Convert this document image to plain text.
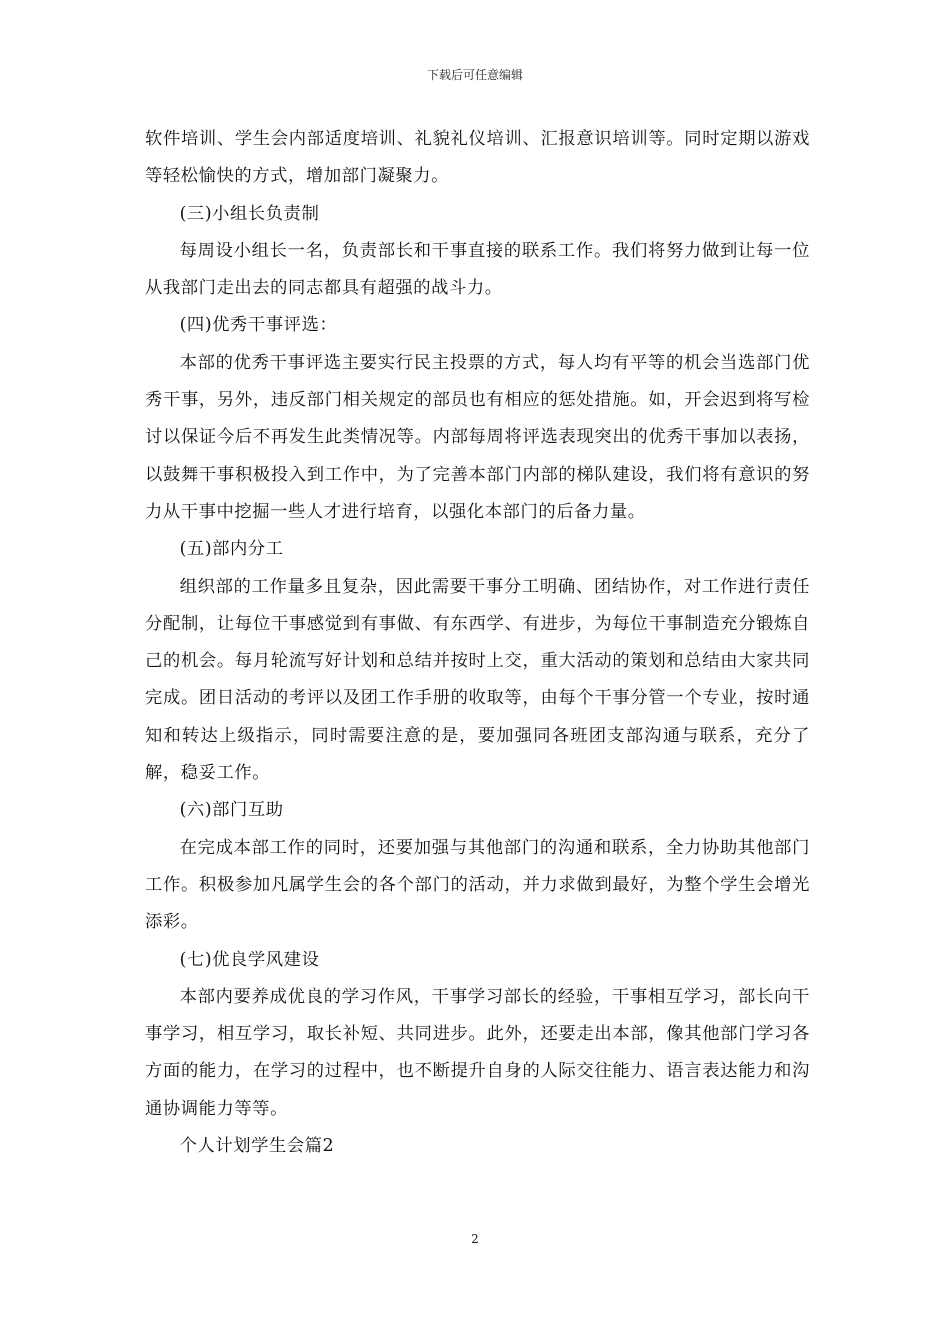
下载后可任意编辑

软件培训、学生会内部适度培训、礼貌礼仪培训、汇报意识培训等。同时定期以游戏等轻松愉快的方式，增加部门凝聚力。

(三)小组长负责制

每周设小组长一名，负责部长和干事直接的联系工作。我们将努力做到让每一位从我部门走出去的同志都具有超强的战斗力。

(四)优秀干事评选：

本部的优秀干事评选主要实行民主投票的方式，每人均有平等的机会当选部门优秀干事，另外，违反部门相关规定的部员也有相应的惩处措施。如，开会迟到将写检讨以保证今后不再发生此类情况等。内部每周将评选表现突出的优秀干事加以表扬，以鼓舞干事积极投入到工作中，为了完善本部门内部的梯队建设，我们将有意识的努力从干事中挖掘一些人才进行培育，以强化本部门的后备力量。

(五)部内分工

组织部的工作量多且复杂，因此需要干事分工明确、团结协作，对工作进行责任分配制，让每位干事感觉到有事做、有东西学、有进步，为每位干事制造充分锻炼自己的机会。每月轮流写好计划和总结并按时上交，重大活动的策划和总结由大家共同完成。团日活动的考评以及团工作手册的收取等，由每个干事分管一个专业，按时通知和转达上级指示，同时需要注意的是，要加强同各班团支部沟通与联系，充分了解，稳妥工作。

(六)部门互助

在完成本部工作的同时，还要加强与其他部门的沟通和联系，全力协助其他部门工作。积极参加凡属学生会的各个部门的活动，并力求做到最好，为整个学生会增光添彩。

(七)优良学风建设

本部内要养成优良的学习作风，干事学习部长的经验，干事相互学习，部长向干事学习，相互学习，取长补短、共同进步。此外，还要走出本部，像其他部门学习各方面的能力，在学习的过程中，也不断提升自身的人际交往能力、语言表达能力和沟通协调能力等等。

个人计划学生会篇2

2
